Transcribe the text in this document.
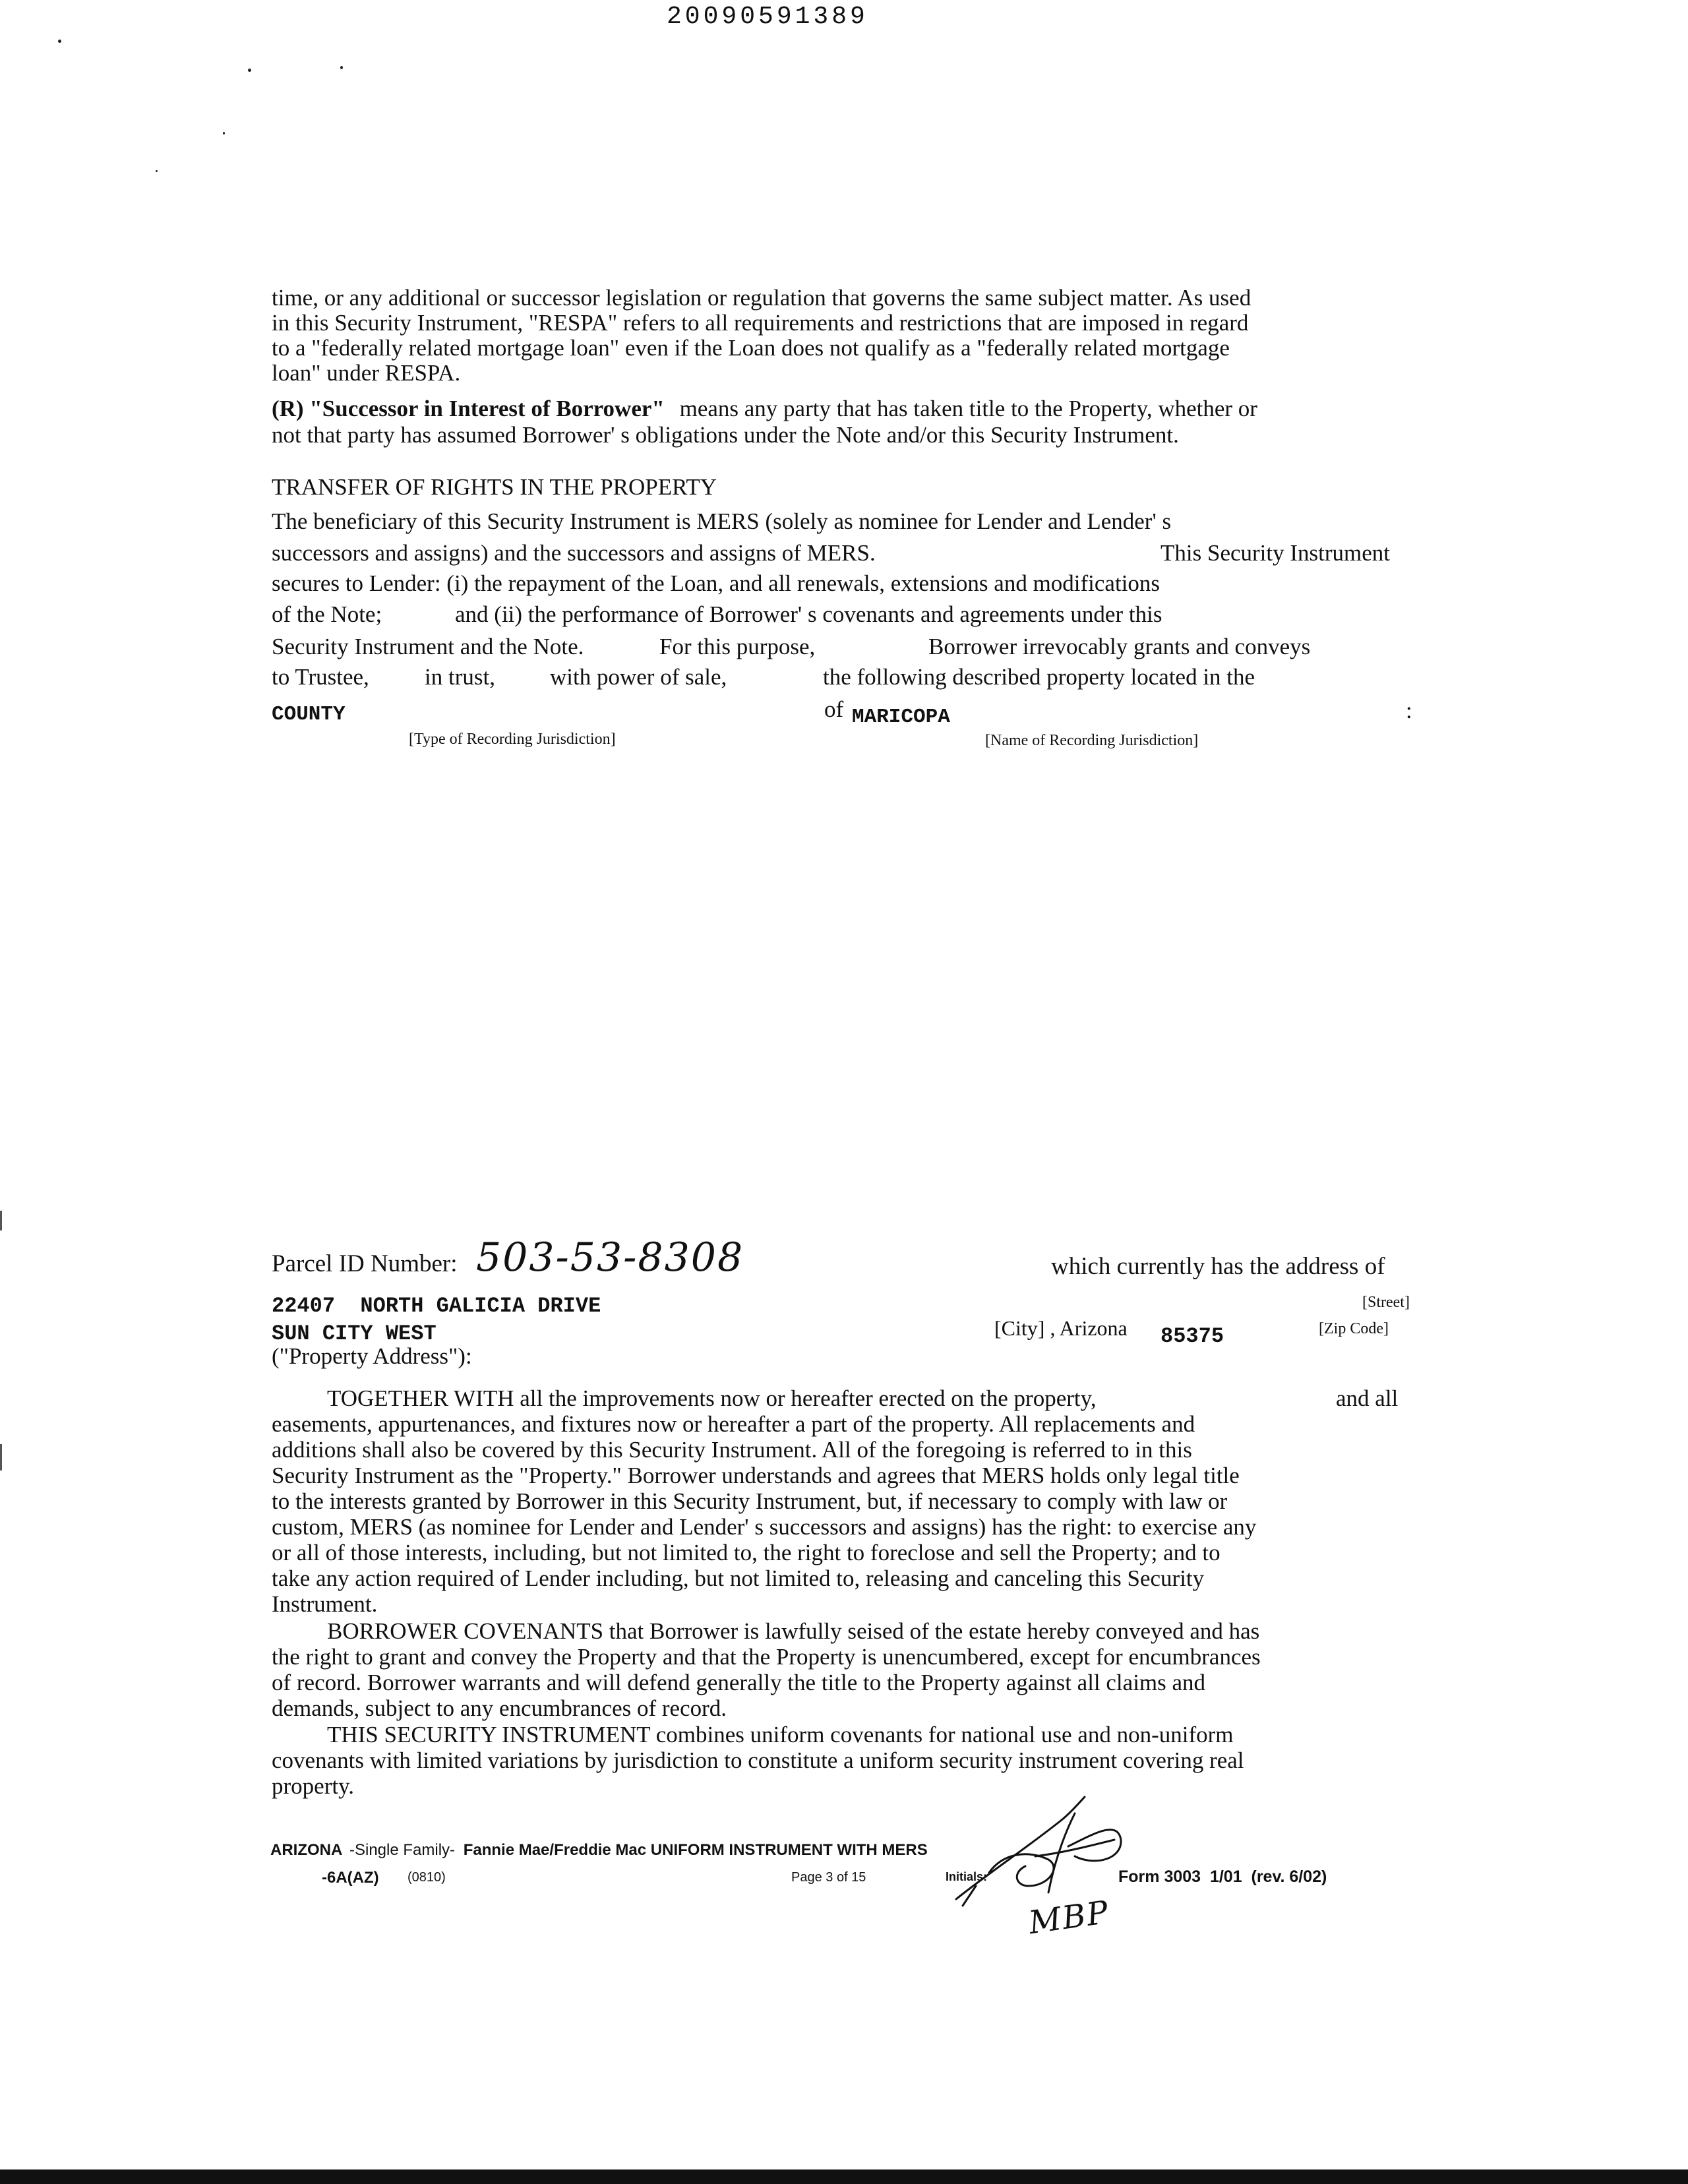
20090591389
time, or any additional or successor legislation or regulation that governs the same subject matter. As used
in this Security Instrument, "RESPA" refers to all requirements and restrictions that are imposed in regard
to a "federally related mortgage loan" even if the Loan does not qualify as a "federally related mortgage
loan" under RESPA.
(R) "Successor in Interest of Borrower" means any party that has taken title to the Property, whether or
not that party has assumed Borrower' s obligations under the Note and/or this Security Instrument.
TRANSFER OF RIGHTS IN THE PROPERTY
The beneficiary of this Security Instrument is MERS (solely as nominee for Lender and Lender' s
successors and assigns) and the successors and assigns of MERS.	This Security Instrument
secures to Lender: (i) the repayment of the Loan, and all renewals, extensions and modifications
of the Note;	and (ii) the performance of Borrower' s covenants and agreements under this
Security Instrument and the Note.	For this purpose,	Borrower irrevocably grants and conveys
to Trustee, in trust, with power of sale,	the following described property located in the
COUNTY	of MARICOPA	:
[Type of Recording Jurisdiction]	[Name of Recording Jurisdiction]
Parcel ID Number: 503-53-8308	which currently has the address of
22407  NORTH GALICIA DRIVE	[Street]
SUN CITY WEST	[City] , Arizona 85375	[Zip Code]
("Property Address"):
TOGETHER WITH all the improvements now or hereafter erected on the property,	and all
easements, appurtenances, and fixtures now or hereafter a part of the property. All replacements and
additions shall also be covered by this Security Instrument. All of the foregoing is referred to in this
Security Instrument as the "Property." Borrower understands and agrees that MERS holds only legal title
to the interests granted by Borrower in this Security Instrument, but, if necessary to comply with law or
custom, MERS (as nominee for Lender and Lender' s successors and assigns) has the right: to exercise any
or all of those interests, including, but not limited to, the right to foreclose and sell the Property; and to
take any action required of Lender including, but not limited to, releasing and canceling this Security
Instrument.
BORROWER COVENANTS that Borrower is lawfully seised of the estate hereby conveyed and has
the right to grant and convey the Property and that the Property is unencumbered, except for encumbrances
of record. Borrower warrants and will defend generally the title to the Property against all claims and
demands, subject to any encumbrances of record.
THIS SECURITY INSTRUMENT combines uniform covenants for national use and non-uniform
covenants with limited variations by jurisdiction to constitute a uniform security instrument covering real
property.
ARIZONA -Single Family- Fannie Mae/Freddie Mac UNIFORM INSTRUMENT WITH MERS
-6A(AZ) (0810)	Page 3 of 15	Initials:	Form 3003  1/01  (rev. 6/02)
MBP
